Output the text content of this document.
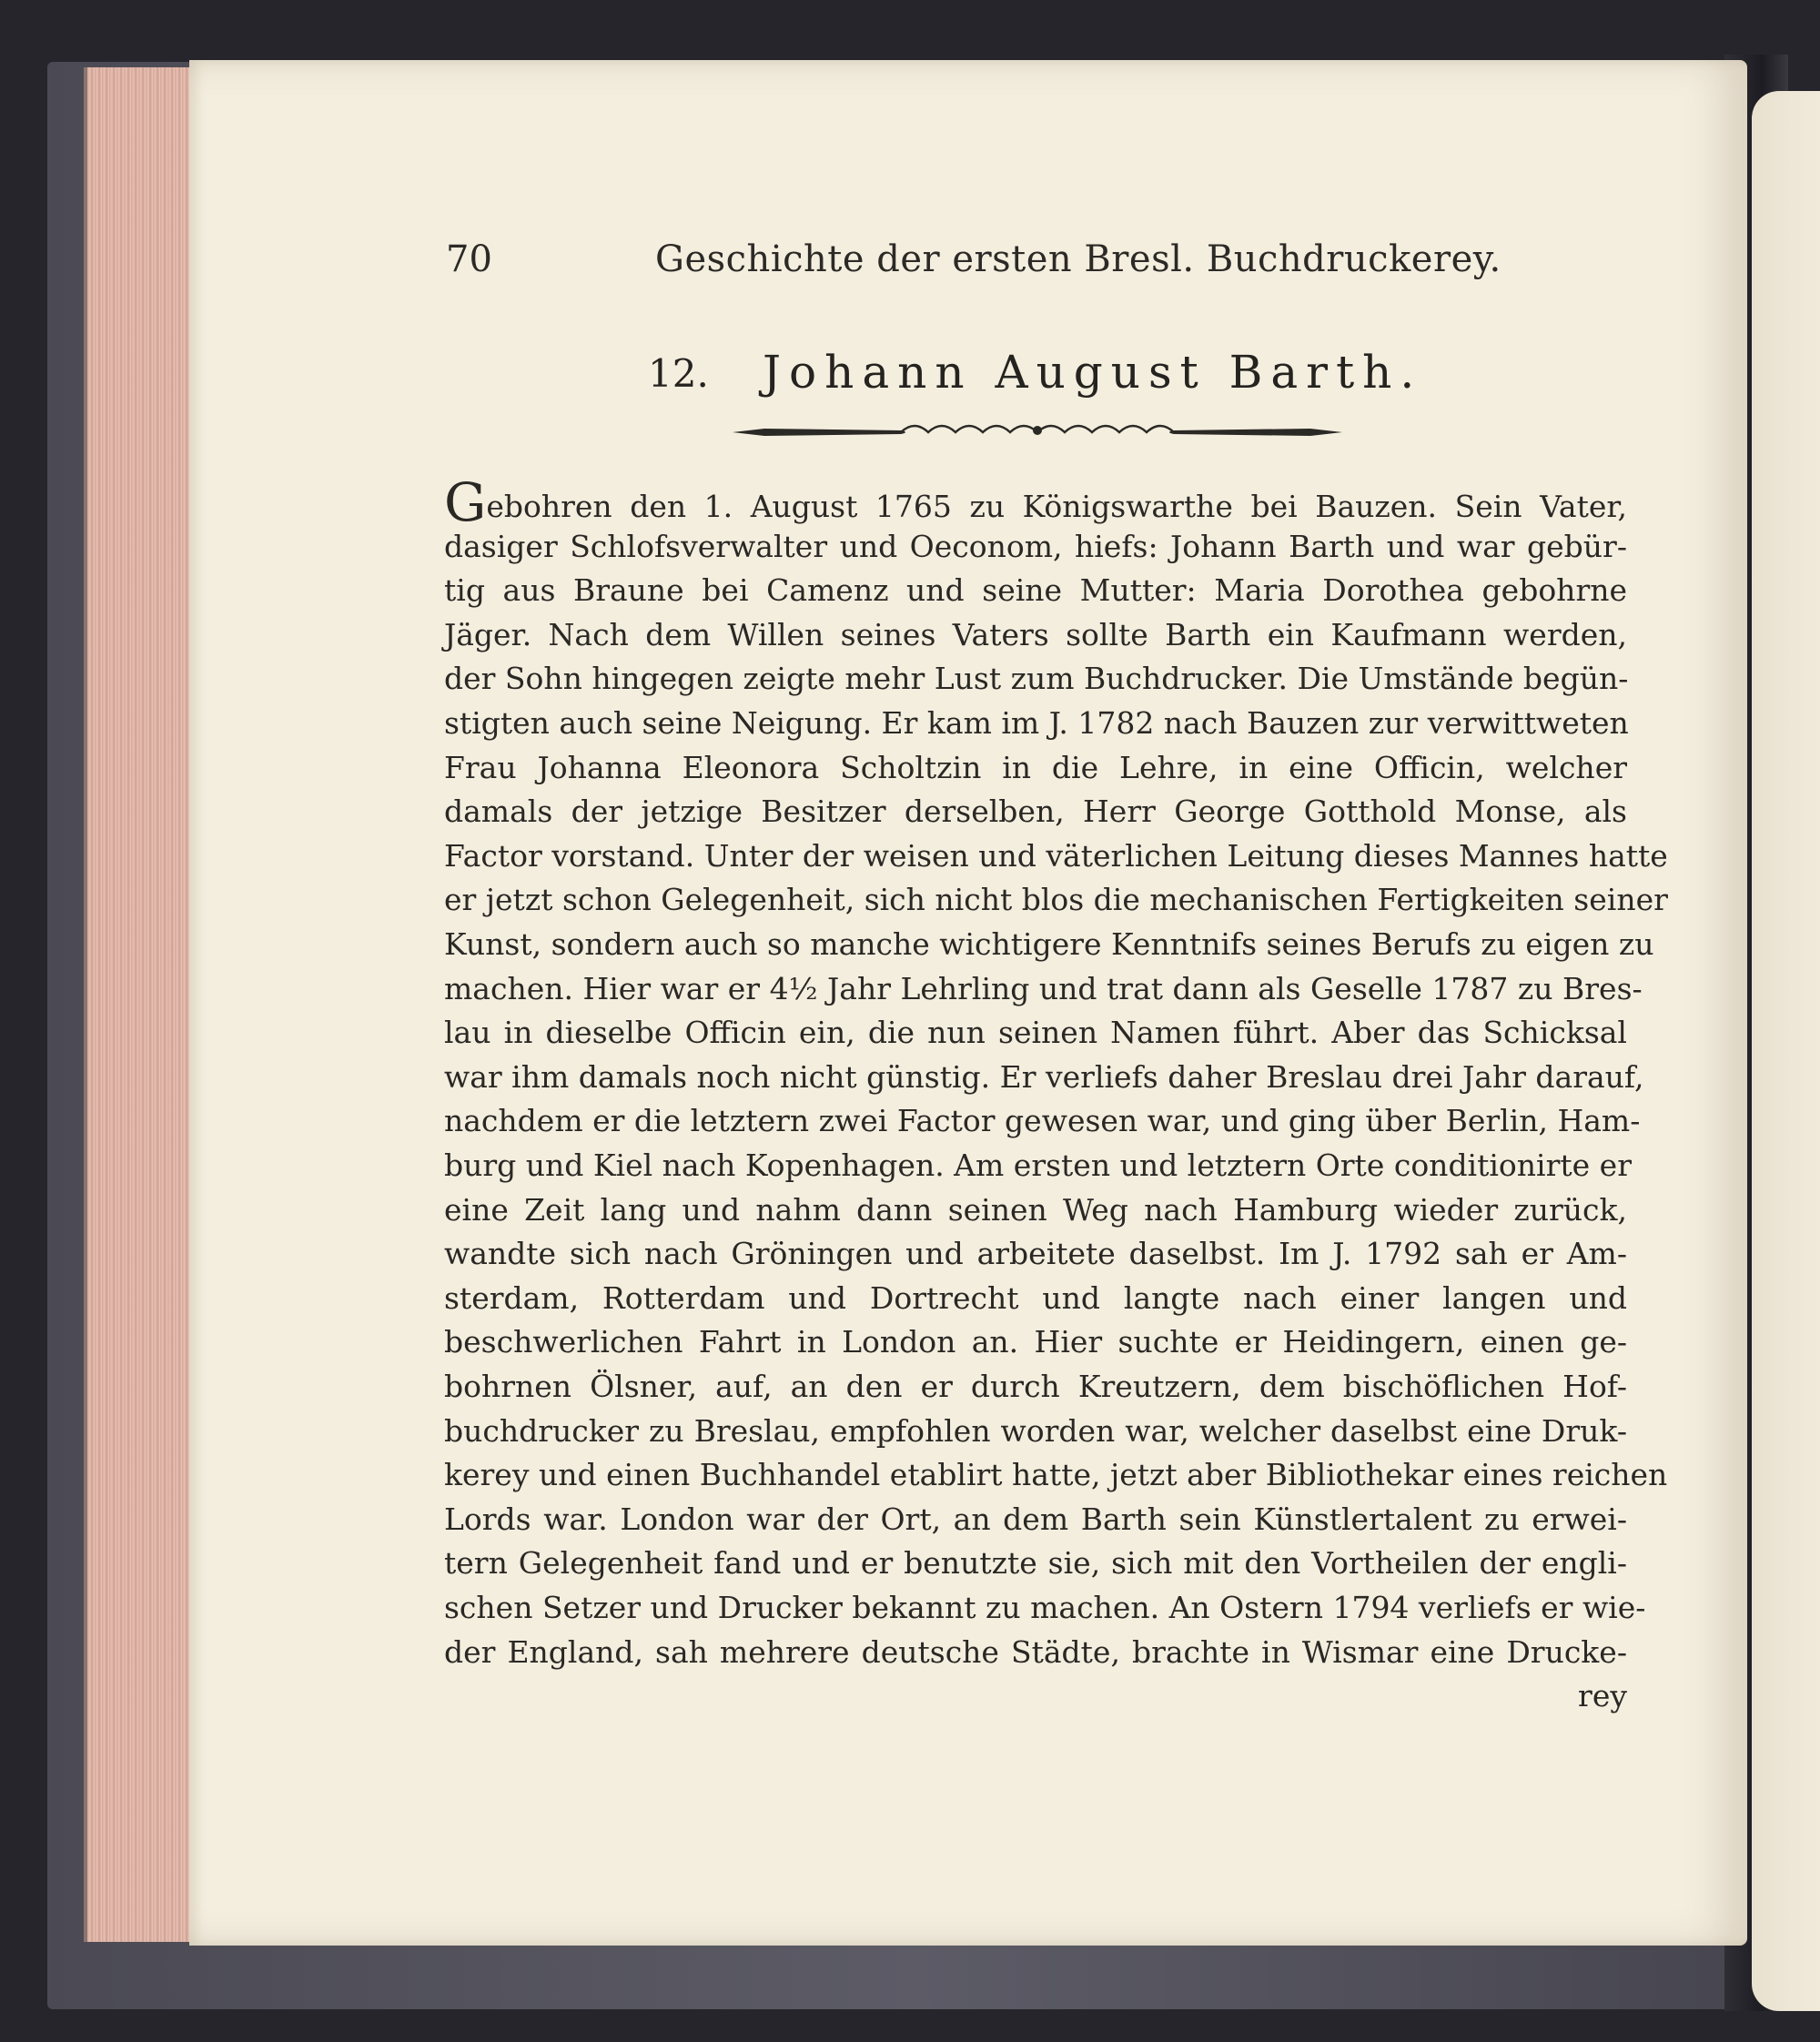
70	Geschichte der ersten Bresl. Buchdruckerey.
12. Johann August Barth.
Gebohren den 1. August 1765 zu Königswarthe bei Bauzen. Sein Vater,
dasiger Schlofsverwalter und Oeconom, hiefs: Johann Barth und war gebür-
tig aus Braune bei Camenz und seine Mutter: Maria Dorothea gebohrne
Jäger. Nach dem Willen seines Vaters sollte Barth ein Kaufmann werden,
der Sohn hingegen zeigte mehr Lust zum Buchdrucker. Die Umstände begün-
stigten auch seine Neigung. Er kam im J. 1782 nach Bauzen zur verwittweten
Frau Johanna Eleonora Scholtzin in die Lehre, in eine Officin, welcher
damals der jetzige Besitzer derselben, Herr George Gotthold Monse, als
Factor vorstand. Unter der weisen und väterlichen Leitung dieses Mannes hatte
er jetzt schon Gelegenheit, sich nicht blos die mechanischen Fertigkeiten seiner
Kunst, sondern auch so manche wichtigere Kenntnifs seines Berufs zu eigen zu
machen. Hier war er 4½ Jahr Lehrling und trat dann als Geselle 1787 zu Bres-
lau in dieselbe Officin ein, die nun seinen Namen führt. Aber das Schicksal
war ihm damals noch nicht günstig. Er verliefs daher Breslau drei Jahr darauf,
nachdem er die letztern zwei Factor gewesen war, und ging über Berlin, Ham-
burg und Kiel nach Kopenhagen. Am ersten und letztern Orte conditionirte er
eine Zeit lang und nahm dann seinen Weg nach Hamburg wieder zurück,
wandte sich nach Gröningen und arbeitete daselbst. Im J. 1792 sah er Am-
sterdam, Rotterdam und Dortrecht und langte nach einer langen und
beschwerlichen Fahrt in London an. Hier suchte er Heidingern, einen ge-
bohrnen Ölsner, auf, an den er durch Kreutzern, dem bischöflichen Hof-
buchdrucker zu Breslau, empfohlen worden war, welcher daselbst eine Druk-
kerey und einen Buchhandel etablirt hatte, jetzt aber Bibliothekar eines reichen
Lords war. London war der Ort, an dem Barth sein Künstlertalent zu erwei-
tern Gelegenheit fand und er benutzte sie, sich mit den Vortheilen der engli-
schen Setzer und Drucker bekannt zu machen. An Ostern 1794 verliefs er wie-
der England, sah mehrere deutsche Städte, brachte in Wismar eine Drucke-
rey
